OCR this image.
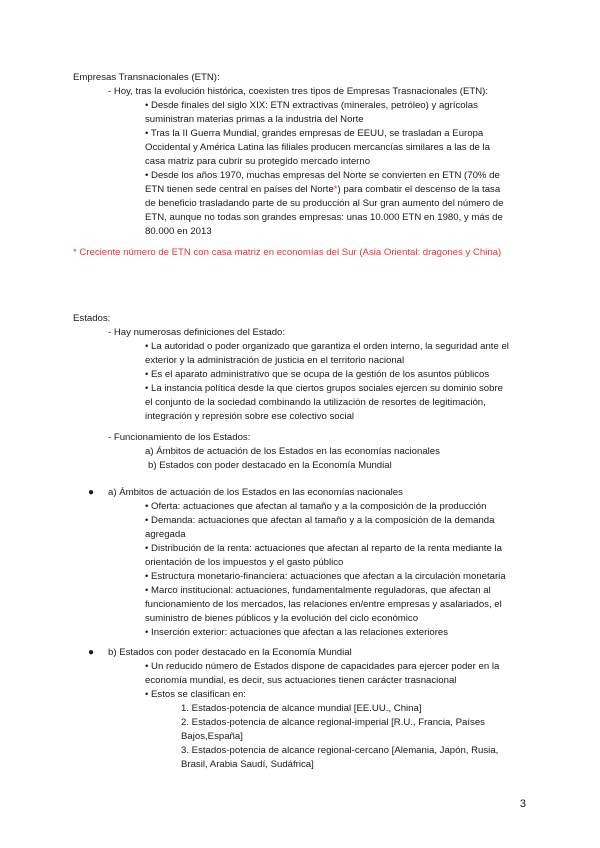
Empresas Transnacionales (ETN):
- Hoy, tras la evolución histórica, coexisten tres tipos de Empresas Trasnacionales (ETN):
• Desde finales del siglo XIX: ETN extractivas (minerales, petróleo) y agrícolas
suministran materias primas a la industria del Norte
• Tras la II Guerra Mundial, grandes empresas de EEUU, se trasladan a Europa
Occidental y América Latina las filiales producen mercancías similares a las de la
casa matriz para cubrir su protegido mercado interno
• Desde los años 1970, muchas empresas del Norte se convierten en ETN (70% de
ETN tienen sede central en países del Norte*) para combatir el descenso de la tasa
de beneficio trasladando parte de su producción al Sur gran aumento del número de
ETN, aunque no todas son grandes empresas: unas 10.000 ETN en 1980, y más de
80.000 en 2013
* Creciente número de ETN con casa matriz en economías del Sur (Asia Oriental: dragones y China)
Estados:
- Hay numerosas definiciones del Estado:
• La autoridad o poder organizado que garantiza el orden interno, la seguridad ante el
exterior y la administración de justicia en el territorio nacional
• Es el aparato administrativo que se ocupa de la gestión de los asuntos públicos
• La instancia política desde la que ciertos grupos sociales ejercen su dominio sobre
el conjunto de la sociedad combinando la utilización de resortes de legitimación,
integración y represión sobre ese colectivo social
- Funcionamiento de los Estados:
a) Ámbitos de actuación de los Estados en las economías nacionales
b) Estados con poder destacado en la Economía Mundial
● a) Ámbitos de actuación de los Estados en las economías nacionales
• Oferta: actuaciones que afectan al tamaño y a la composición de la producción
• Demanda: actuaciones que afectan al tamaño y a la composición de la demanda
agregada
• Distribución de la renta: actuaciones que afectan al reparto de la renta mediante la
orientación de los impuestos y el gasto público
• Estructura monetario-financiera: actuaciones que afectan a la circulación monetaria
• Marco institucional: actuaciones, fundamentalmente reguladoras, que afectan al
funcionamiento de los mercados, las relaciones en/entre empresas y asalariados, el
suministro de bienes públicos y la evolución del ciclo económico
• Inserción exterior: actuaciones que afectan a las relaciones exteriores
● b) Estados con poder destacado en la Economía Mundial
• Un reducido número de Estados dispone de capacidades para ejercer poder en la
economía mundial, es decir, sus actuaciones tienen carácter trasnacional
• Estos se clasifican en:
1. Estados-potencia de alcance mundial [EE.UU., China]
2. Estados-potencia de alcance regional-imperial [R.U., Francia, Países
Bajos,España]
3. Estados-potencia de alcance regional-cercano [Alemania, Japón, Rusia,
Brasil, Arabia Saudí, Sudáfrica]
3
